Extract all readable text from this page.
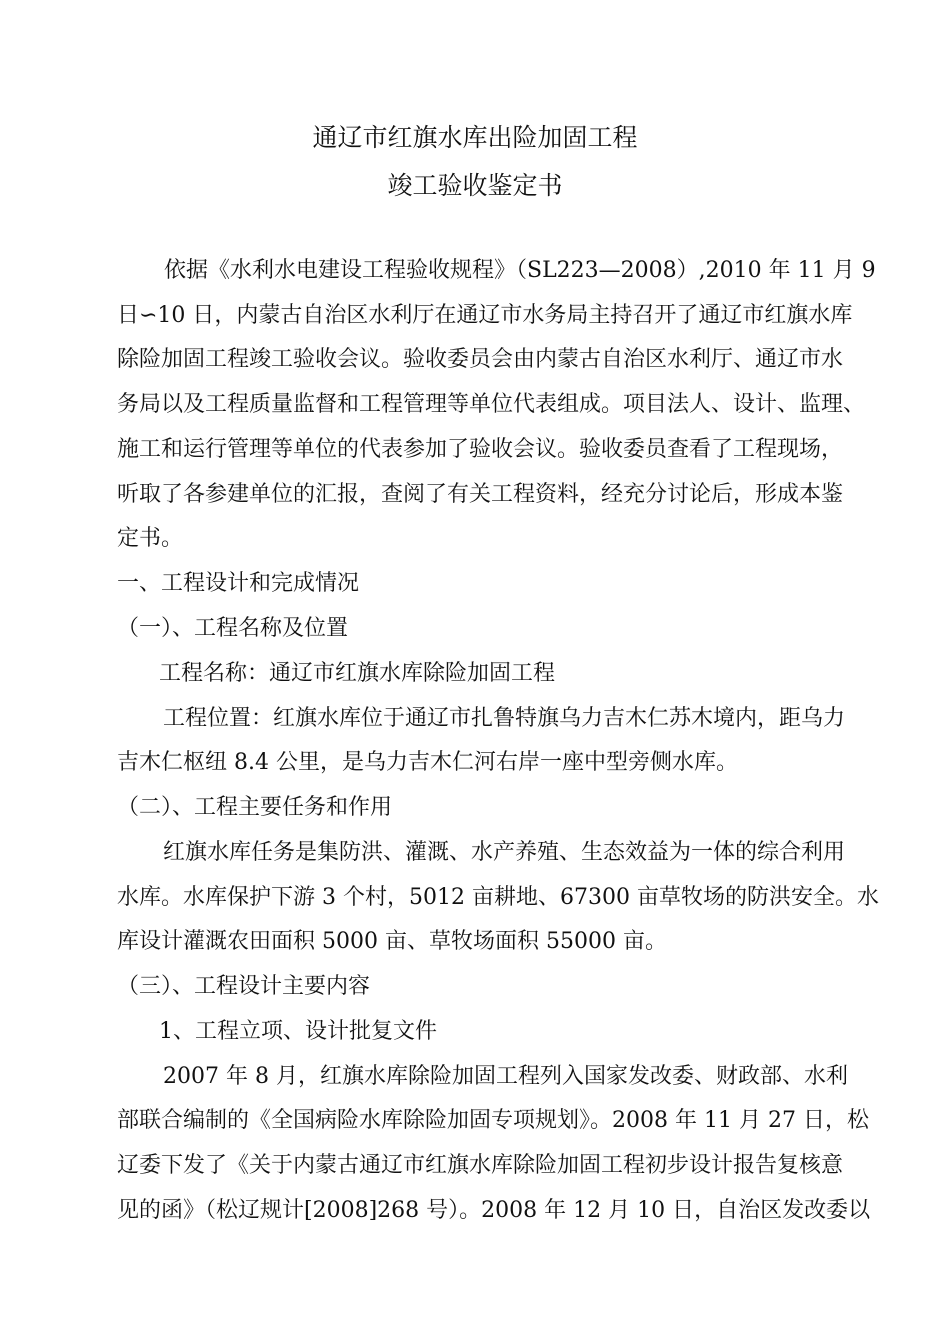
通辽市红旗水库出险加固工程
竣工验收鉴定书
依据《水利水电建设工程验收规程》（SL223—2008）,2010 年 11 月 9
日∽10 日，内蒙古自治区水利厅在通辽市水务局主持召开了通辽市红旗水库
除险加固工程竣工验收会议。验收委员会由内蒙古自治区水利厅、通辽市水
务局以及工程质量监督和工程管理等单位代表组成。项目法人、设计、监理、
施工和运行管理等单位的代表参加了验收会议。验收委员查看了工程现场，
听取了各参建单位的汇报，查阅了有关工程资料，经充分讨论后，形成本鉴
定书。
一、工程设计和完成情况
（一）、工程名称及位置
工程名称：通辽市红旗水库除险加固工程
工程位置：红旗水库位于通辽市扎鲁特旗乌力吉木仁苏木境内，距乌力
吉木仁枢纽 8.4 公里，是乌力吉木仁河右岸一座中型旁侧水库。
（二）、工程主要任务和作用
红旗水库任务是集防洪、灌溉、水产养殖、生态效益为一体的综合利用
水库。水库保护下游 3 个村，5012 亩耕地、67300 亩草牧场的防洪安全。水
库设计灌溉农田面积 5000 亩、草牧场面积 55000 亩。
（三）、工程设计主要内容
1、工程立项、设计批复文件
2007 年 8 月，红旗水库除险加固工程列入国家发改委、财政部、水利
部联合编制的《全国病险水库除险加固专项规划》。2008 年 11 月 27 日，松
辽委下发了《关于内蒙古通辽市红旗水库除险加固工程初步设计报告复核意
见的函》（松辽规计[2008]268 号）。2008 年 12 月 10 日，自治区发改委以
